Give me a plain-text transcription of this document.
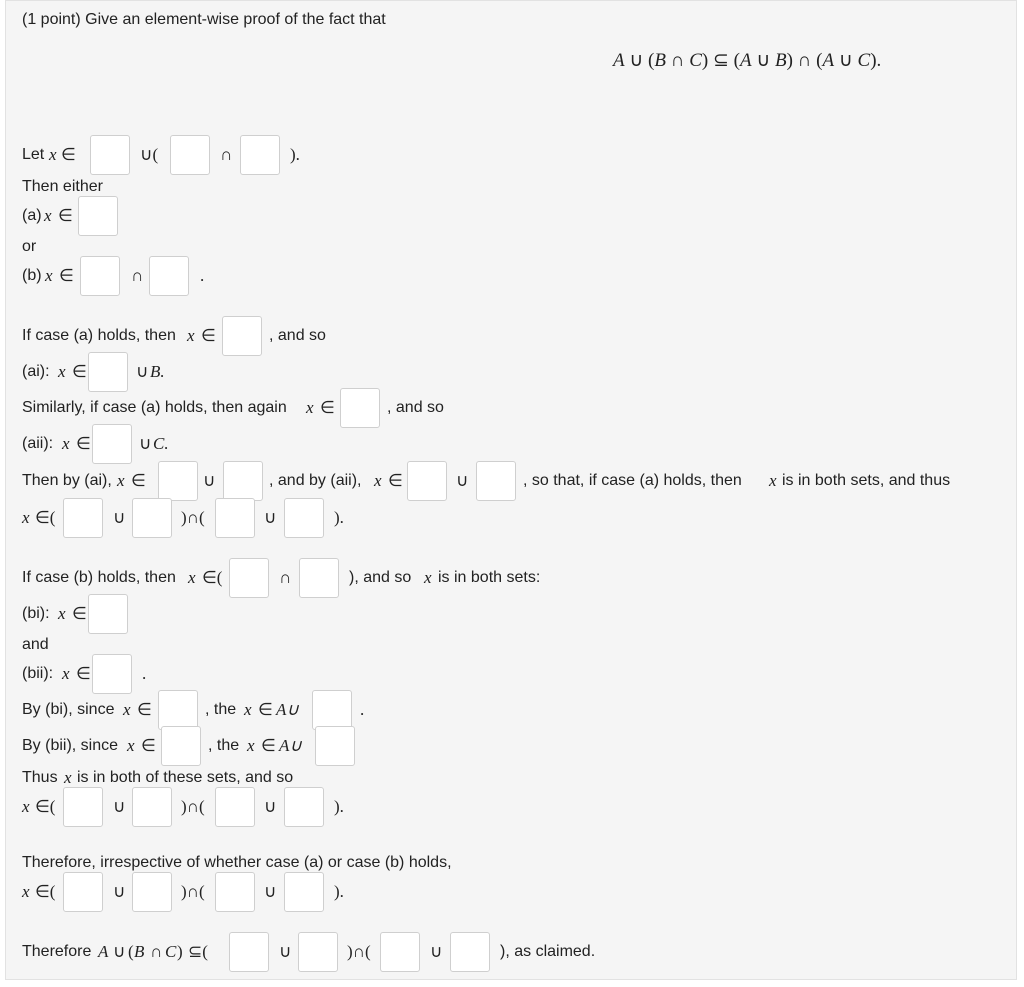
(1 point) Give an element-wise proof of the fact that
A ∪ (B ∩ C) ⊆ (A ∪ B) ∩ (A ∪ C).
Let x ∈	∪(	∩	).
Then either
(a) x ∈
or
(b) x ∈	∩	.
If case (a) holds, then x ∈	, and so
(ai): x ∈	∪ B.
Similarly, if case (a) holds, then again x ∈	, and so
(aii): x ∈	∪ C.
Then by (ai), x ∈	∪	, and by (aii), x ∈	∪	, so that, if case (a) holds, then x is in both sets, and thus
x ∈(	∪	)∩(	∪	).
If case (b) holds, then x ∈(	∩	), and so x is in both sets:
(bi): x ∈
and
(bii): x ∈	.
By (bi), since x ∈	, the x ∈ A∪	.
By (bii), since x ∈	, the x ∈ A∪
Thus x is in both of these sets, and so
x ∈(	∪	)∩(	∪	).
Therefore, irrespective of whether case (a) or case (b) holds,
x ∈(	∪	)∩(	∪	).
Therefore A ∪ ( B ∩ C ) ⊆(	∪	)∩(	∪	), as claimed.
